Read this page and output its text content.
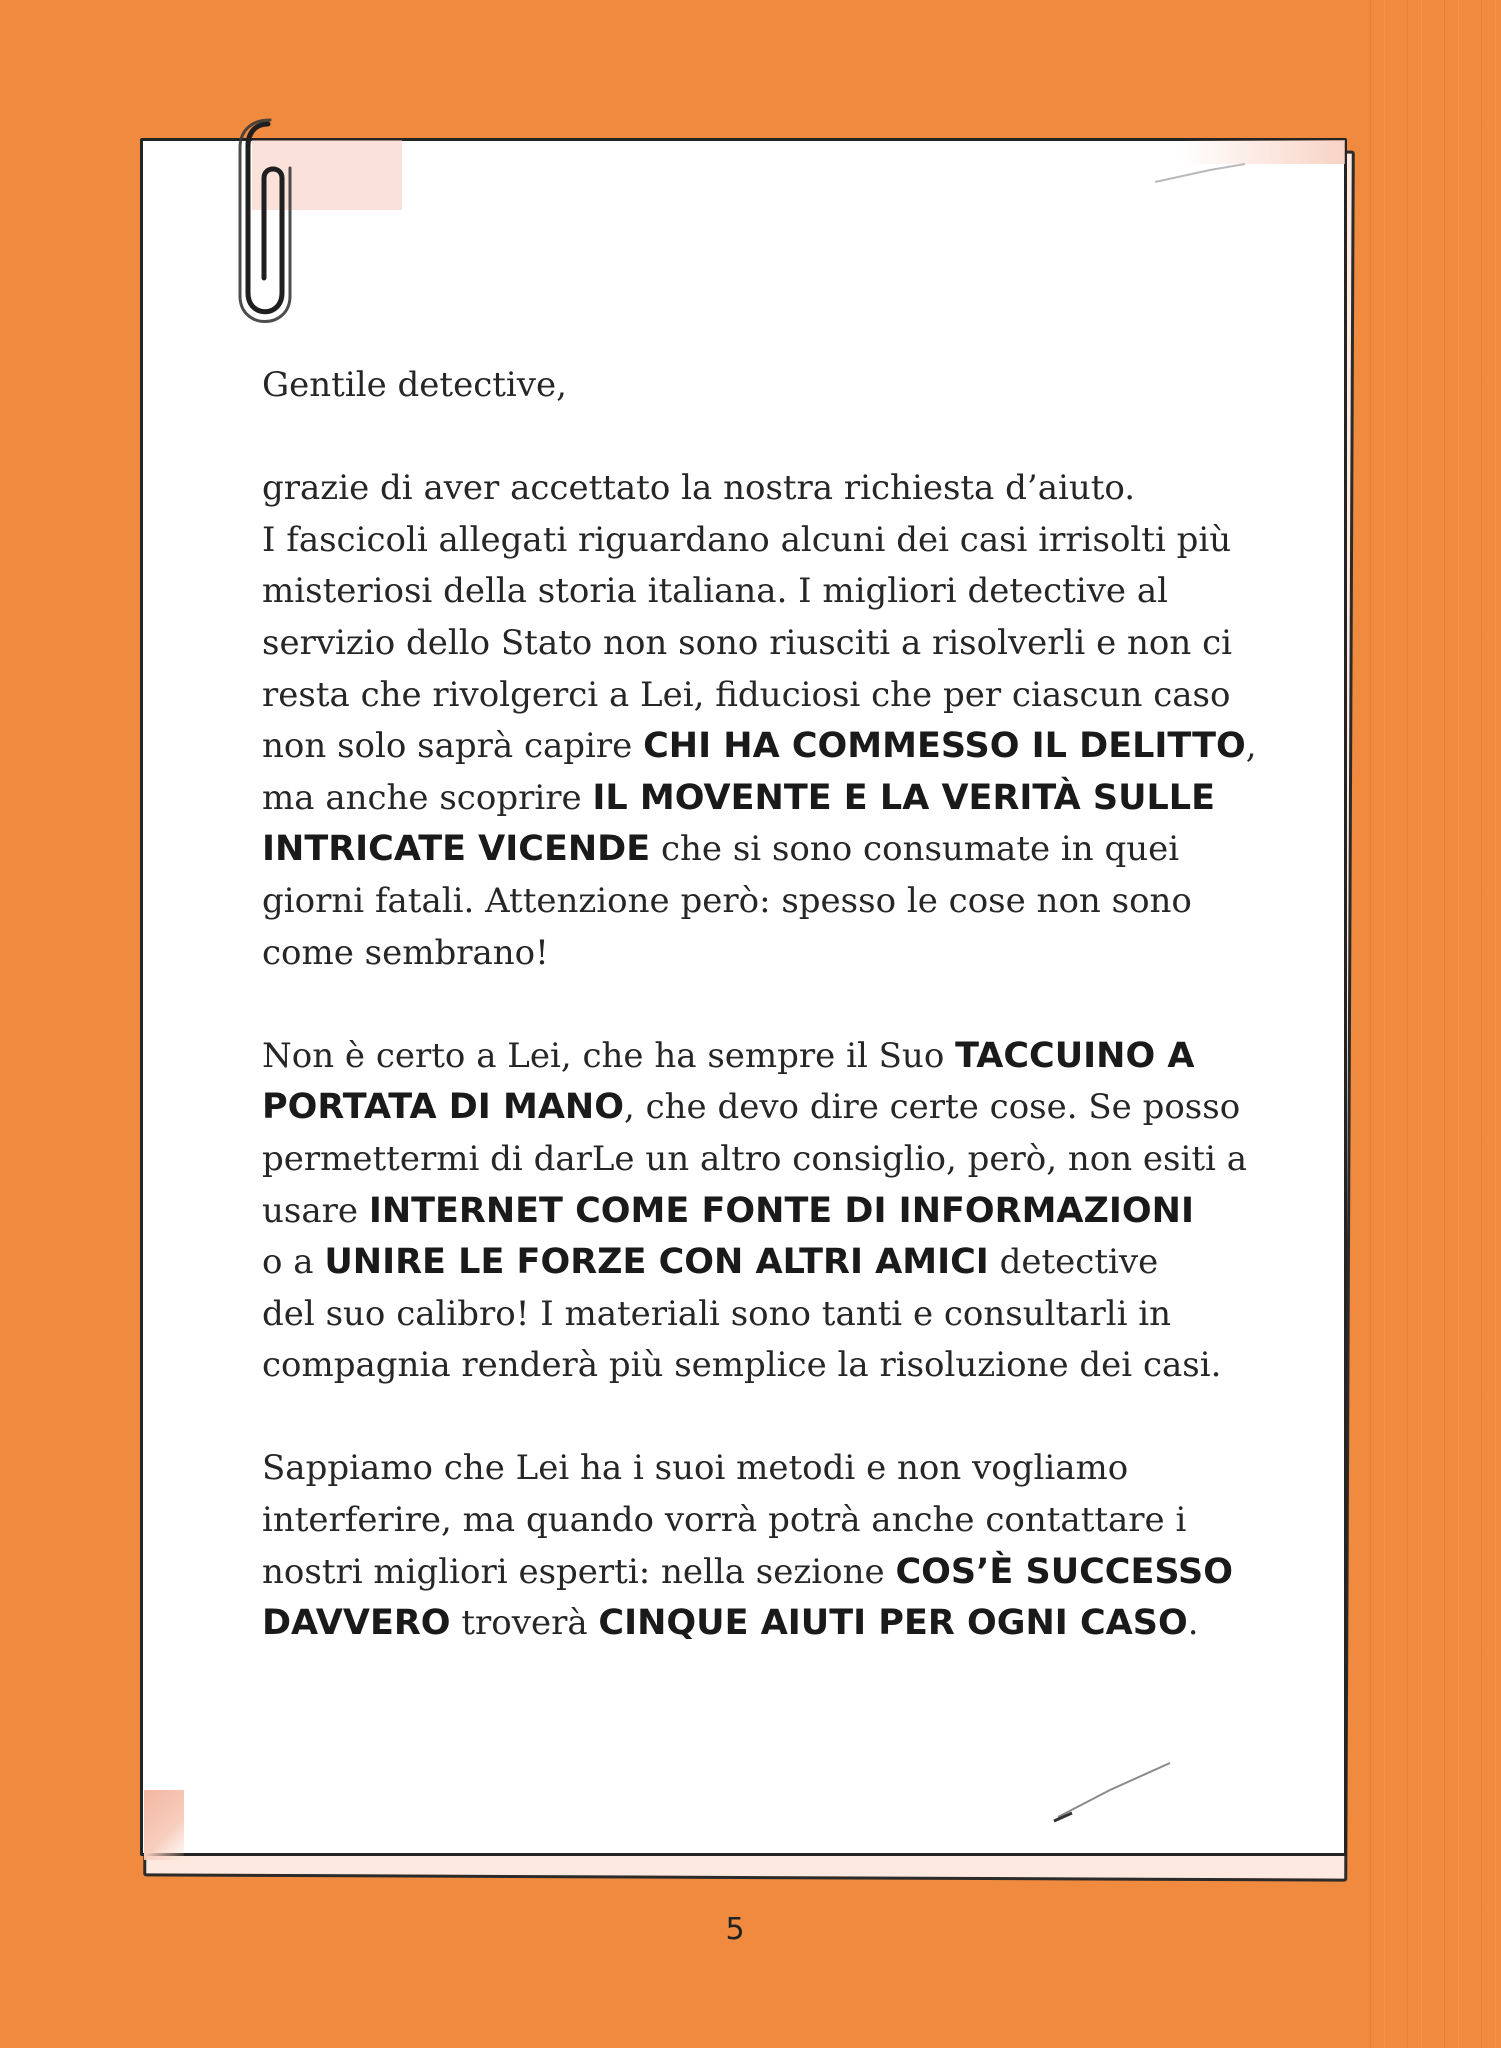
Gentile detective,

grazie di aver accettato la nostra richiesta d’aiuto.
I fascicoli allegati riguardano alcuni dei casi irrisolti più
misteriosi della storia italiana. I migliori detective al
servizio dello Stato non sono riusciti a risolverli e non ci
resta che rivolgerci a Lei, fiduciosi che per ciascun caso
non solo saprà capire CHI HA COMMESSO IL DELITTO,
ma anche scoprire IL MOVENTE E LA VERITÀ SULLE
INTRICATE VICENDE che si sono consumate in quei
giorni fatali. Attenzione però: spesso le cose non sono
come sembrano!

Non è certo a Lei, che ha sempre il Suo TACCUINO A
PORTATA DI MANO, che devo dire certe cose. Se posso
permettermi di darLe un altro consiglio, però, non esiti a
usare INTERNET COME FONTE DI INFORMAZIONI
o a UNIRE LE FORZE CON ALTRI AMICI detective
del suo calibro! I materiali sono tanti e consultarli in
compagnia renderà più semplice la risoluzione dei casi.

Sappiamo che Lei ha i suoi metodi e non vogliamo
interferire, ma quando vorrà potrà anche contattare i
nostri migliori esperti: nella sezione COS’È SUCCESSO
DAVVERO troverà CINQUE AIUTI PER OGNI CASO.

5
